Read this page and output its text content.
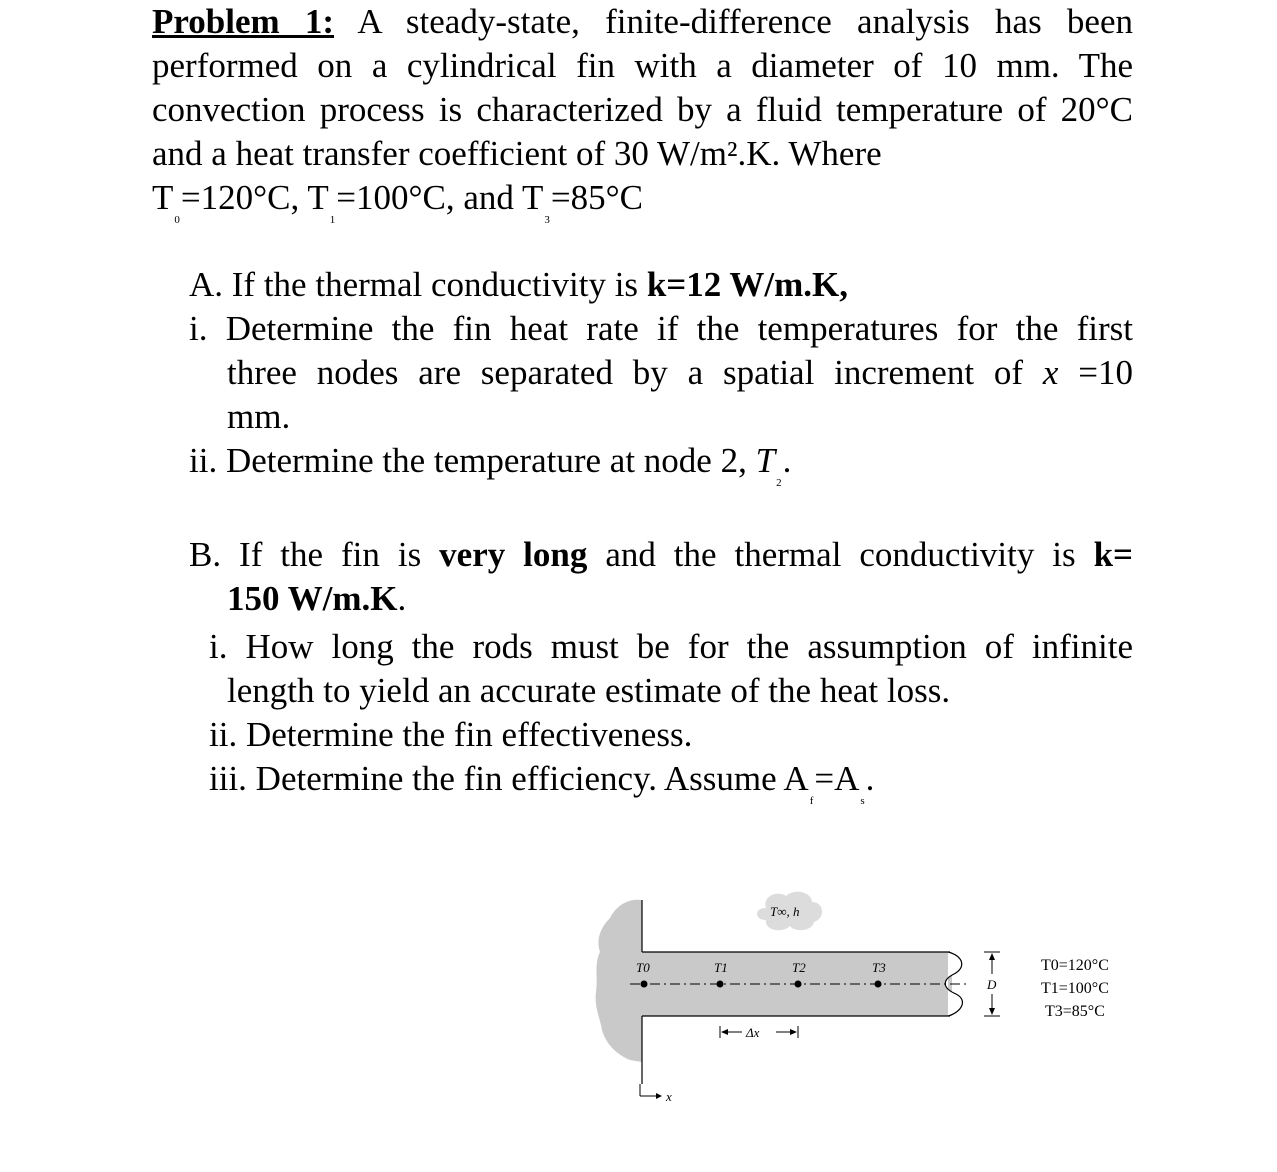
Problem 1: A steady-state, finite-difference analysis has been performed on a cylindrical fin with a diameter of 10 mm. The convection process is characterized by a fluid temperature of 20°C and a heat transfer coefficient of 30 W/m².K. Where
$T_0=120^\circ C$, $T_1=100^\circ C$, and $T_3=85^\circ C$

A. If the thermal conductivity is k=12 W/m.K,
i. Determine the fin heat rate if the temperatures for the first
three nodes are separated by a spatial increment of x =10
mm.
ii. Determine the temperature at node 2, $T_2$.
B. If the fin is very long and the thermal conductivity is k=
150 W/m.K.
i. How long the rods must be for the assumption of infinite
length to yield an accurate estimate of the heat loss.
ii. Determine the fin effectiveness.
iii. Determine the fin efficiency. Assume $A_f=A_s$.
T0	T1	T2	T3
T∞, h
Δx
D
x
T0=120°C
T1=100°C
T3=85°C
